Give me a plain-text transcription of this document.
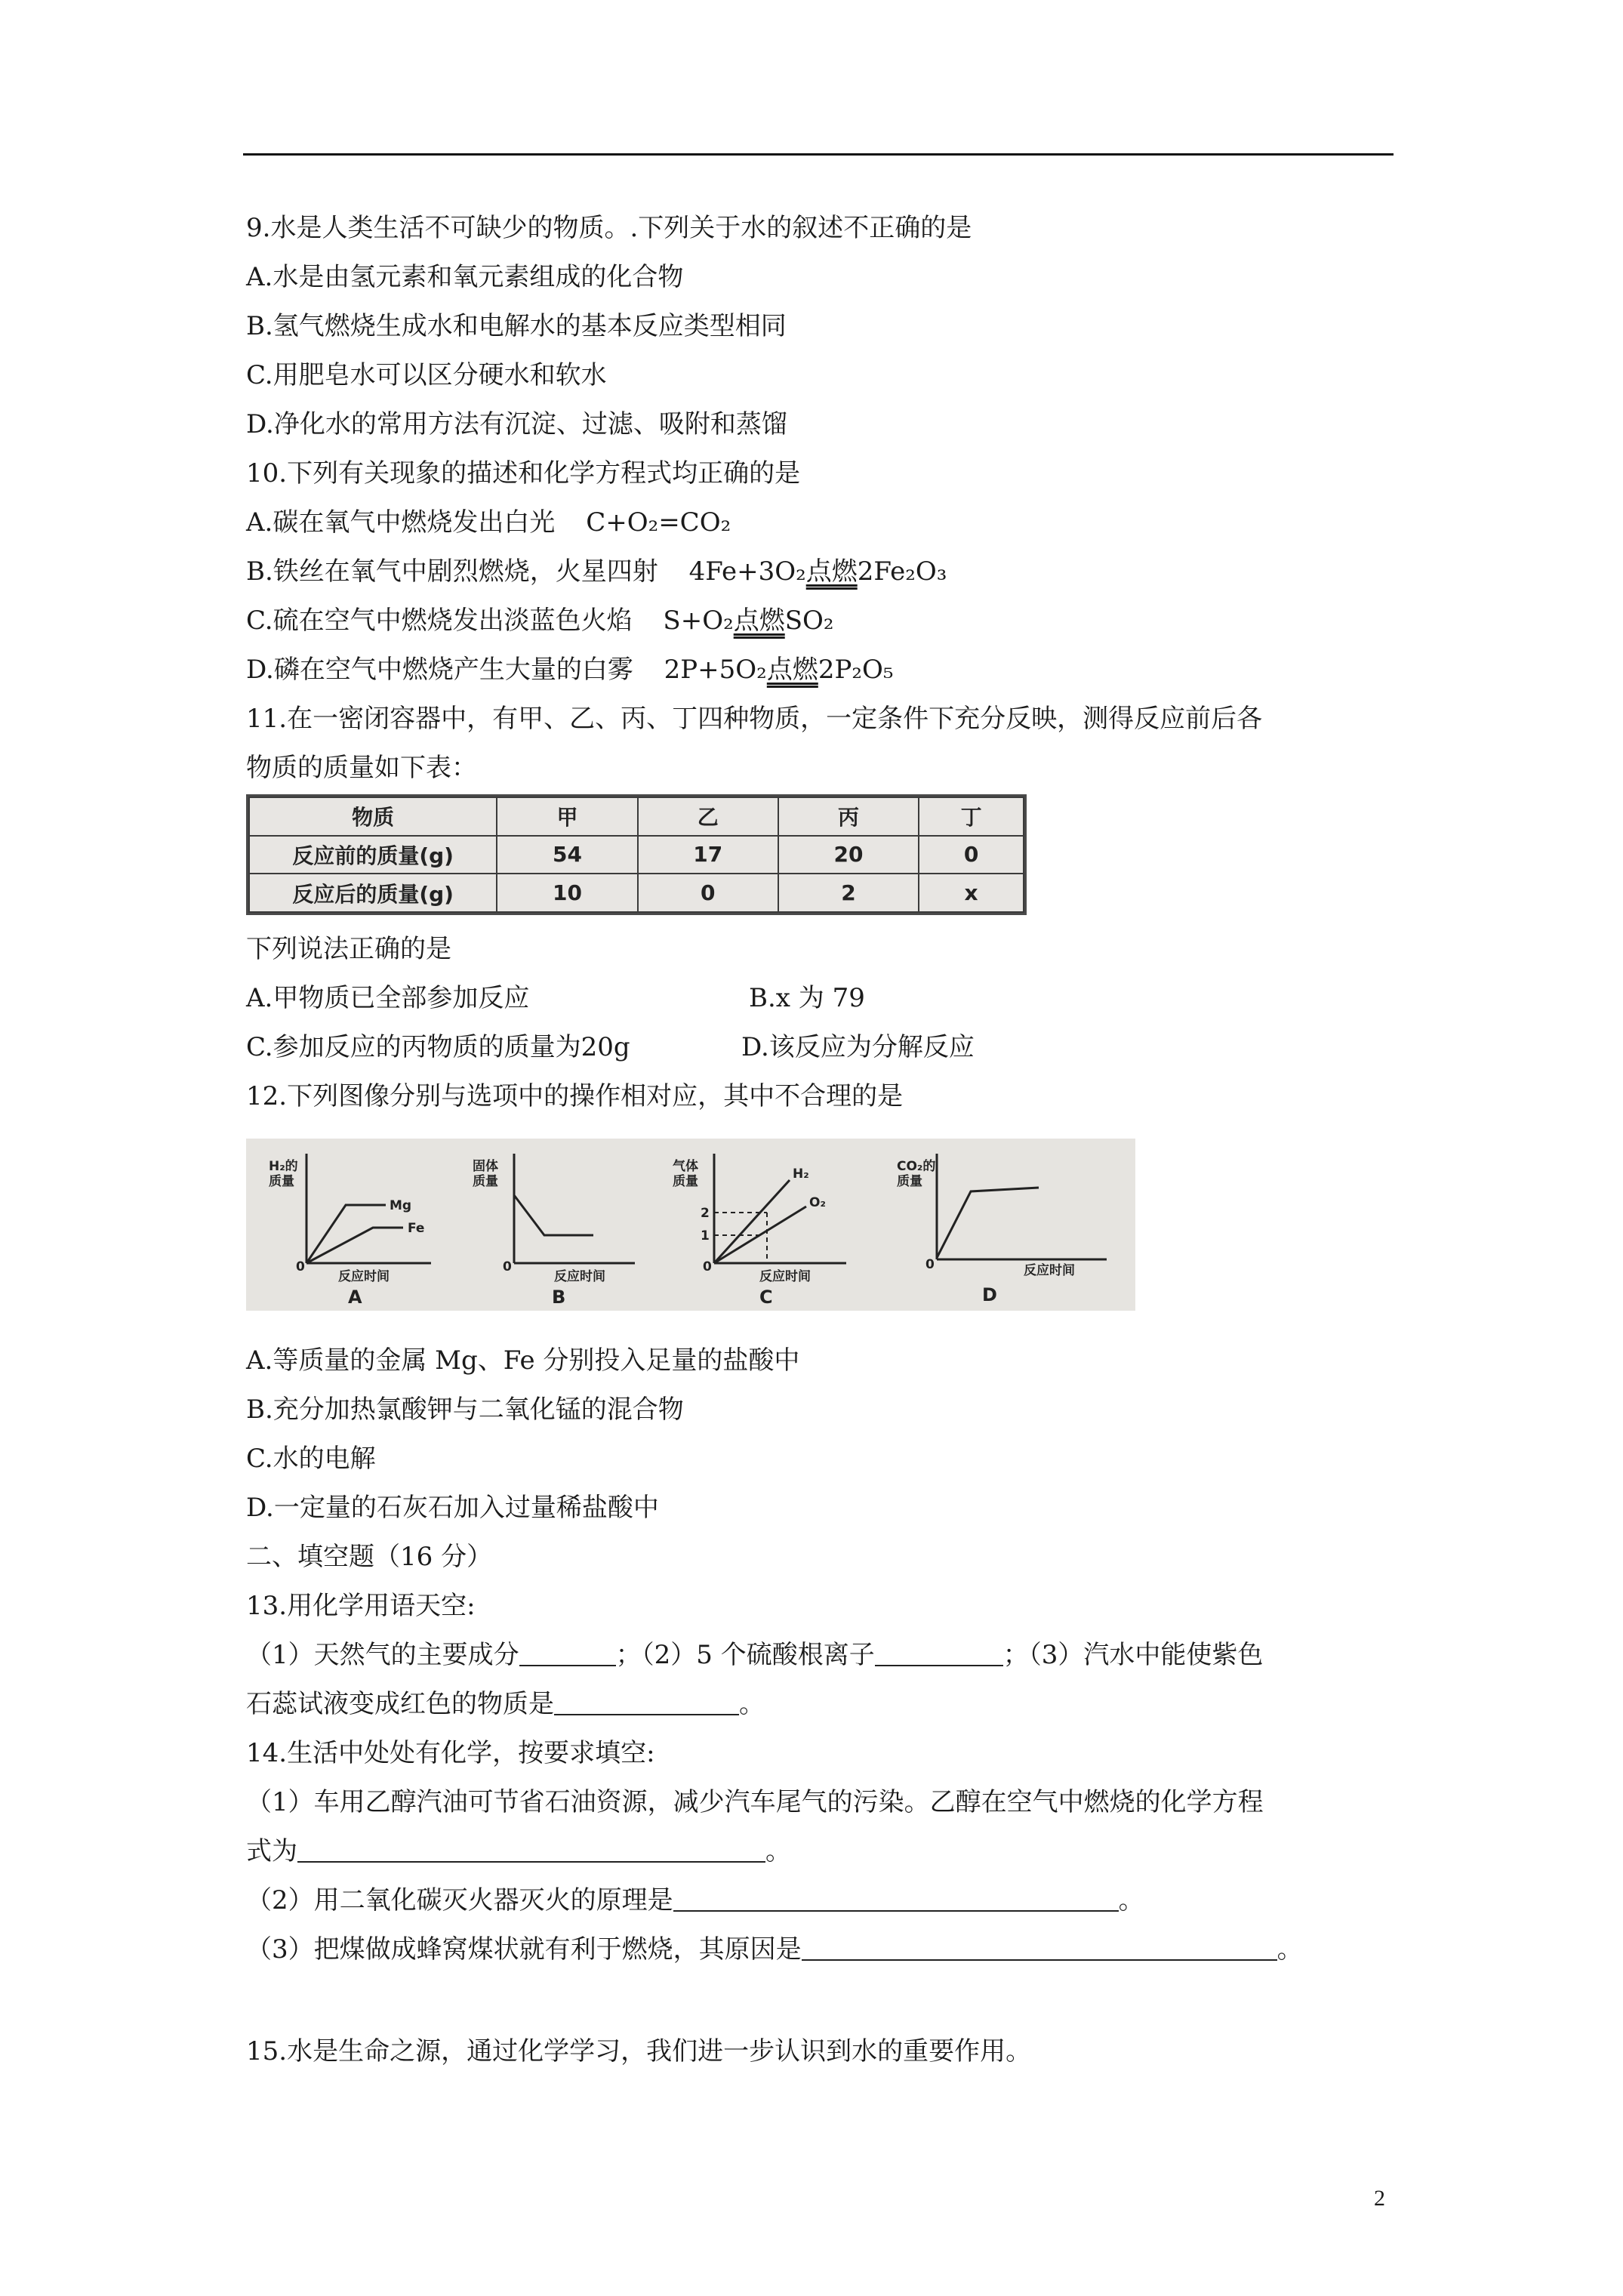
9.水是人类生活不可缺少的物质。.下列关于水的叙述不正确的是
A.水是由氢元素和氧元素组成的化合物
B.氢气燃烧生成水和电解水的基本反应类型相同
C.用肥皂水可以区分硬水和软水
D.净化水的常用方法有沉淀、过滤、吸附和蒸馏
10.下列有关现象的描述和化学方程式均正确的是
A.碳在氧气中燃烧发出白光 C+O₂=CO₂
B.铁丝在氧气中剧烈燃烧，火星四射 4Fe+3O₂点燃2Fe₂O₃
C.硫在空气中燃烧发出淡蓝色火焰 S+O₂点燃SO₂
D.磷在空气中燃烧产生大量的白雾 2P+5O₂点燃2P₂O₅
11.在一密闭容器中，有甲、乙、丙、丁四种物质，一定条件下充分反映，测得反应前后各
物质的质量如下表：
物质	甲	乙	丙	丁
反应前的质量(g)	54	17	20	0
反应后的质量(g)	10	0	2	x
下列说法正确的是
A.甲物质已全部参加反应	B.x 为 79
C.参加反应的丙物质的质量为20g	D.该反应为分解反应
12.下列图像分别与选项中的操作相对应，其中不合理的是
H₂的
质量
Mg
Fe
0
反应时间
A
固体
质量
0
反应时间
B
气体
质量	H₂
O₂
2
1
0
反应时间
C
CO₂的
质量
0	反应时间
D
A.等质量的金属 Mg、Fe 分别投入足量的盐酸中
B.充分加热氯酸钾与二氧化锰的混合物
C.水的电解
D.一定量的石灰石加入过量稀盐酸中
二、填空题（16 分）
13.用化学用语天空:
（1）天然气的主要成分	；（2）5 个硫酸根离子	；（3）汽水中能使紫色
石蕊试液变成红色的物质是	。
14.生活中处处有化学，按要求填空:
（1）车用乙醇汽油可节省石油资源，减少汽车尾气的污染。乙醇在空气中燃烧的化学方程
式为	。
（2）用二氧化碳灭火器灭火的原理是	。
（3）把煤做成蜂窝煤状就有利于燃烧，其原因是	。
15.水是生命之源，通过化学学习，我们进一步认识到水的重要作用。
2
